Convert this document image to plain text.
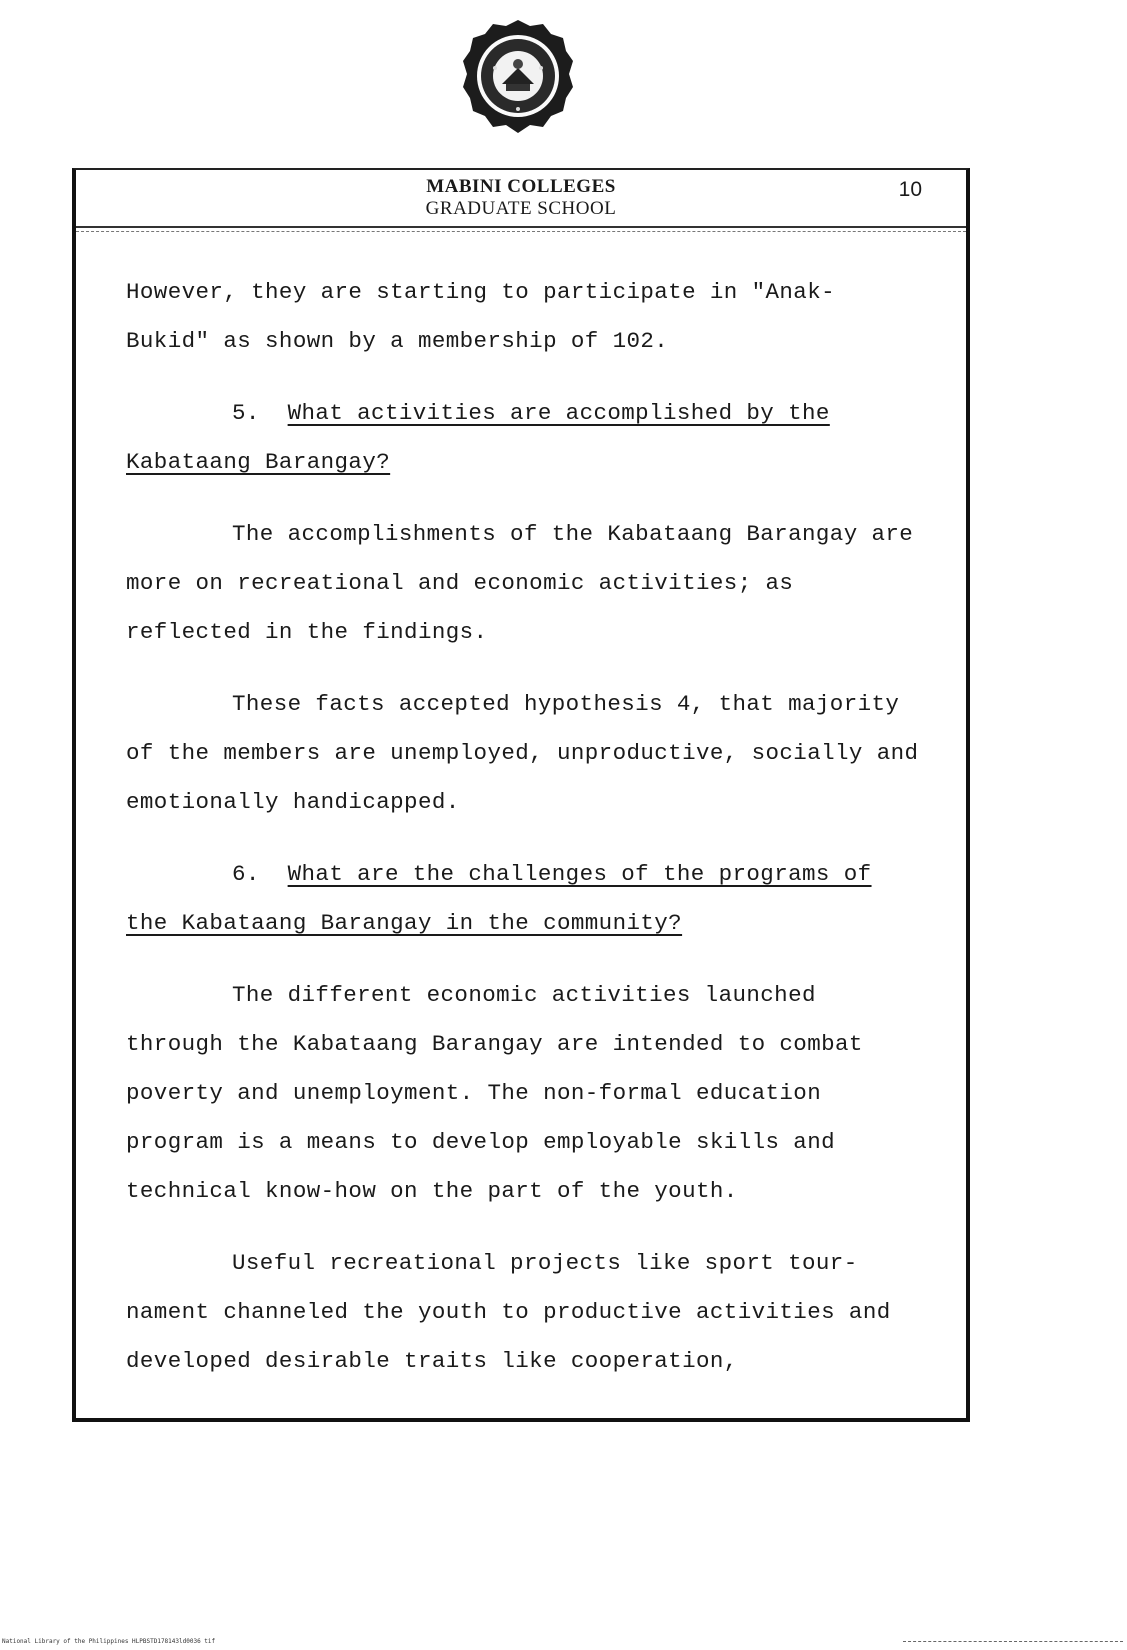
MABINI COLLEGES
GRADUATE SCHOOL
10

However, they are starting to participate in "Anak-
Bukid" as shown by a membership of 102.

5. What activities are accomplished by the Kabataang Barangay?

The accomplishments of the Kabataang Barangay are more on recreational and economic activities; as reflected in the findings.

These facts accepted hypothesis 4, that majority of the members are unemployed, unproductive, socially and emotionally handicapped.

6. What are the challenges of the programs of the Kabataang Barangay in the community?

The different economic activities launched through the Kabataang Barangay are intended to combat poverty and unemployment. The non-formal education program is a means to develop employable skills and technical know-how on the part of the youth.

Useful recreational projects like sport tour-nament channeled the youth to productive activities and developed desirable traits like cooperation,

National Library of the Philippines HLPBSTD178143ld0036 tif
